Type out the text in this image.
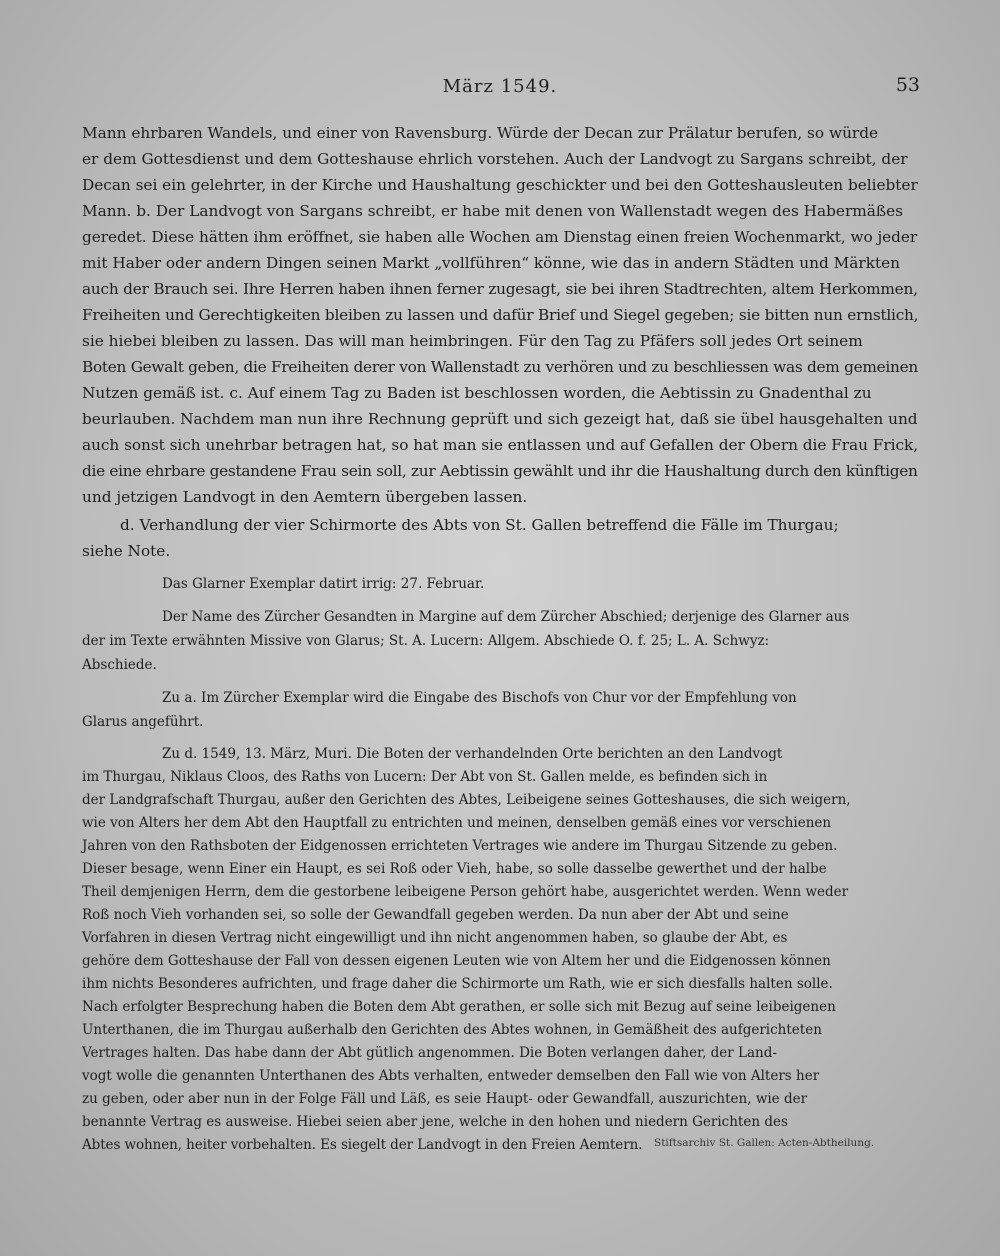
März 1549.	53
Mann ehrbaren Wandels, und einer von Ravensburg. Würde der Decan zur Prälatur berufen, so würde
er dem Gottesdienst und dem Gotteshause ehrlich vorstehen. Auch der Landvogt zu Sargans schreibt, der
Decan sei ein gelehrter, in der Kirche und Haushaltung geschickter und bei den Gotteshausleuten beliebter
Mann. b. Der Landvogt von Sargans schreibt, er habe mit denen von Wallenstadt wegen des Habermäßes
geredet. Diese hätten ihm eröffnet, sie haben alle Wochen am Dienstag einen freien Wochenmarkt, wo jeder
mit Haber oder andern Dingen seinen Markt „vollführen“ könne, wie das in andern Städten und Märkten
auch der Brauch sei. Ihre Herren haben ihnen ferner zugesagt, sie bei ihren Stadtrechten, altem Herkommen,
Freiheiten und Gerechtigkeiten bleiben zu lassen und dafür Brief und Siegel gegeben; sie bitten nun ernstlich,
sie hiebei bleiben zu lassen. Das will man heimbringen. Für den Tag zu Pfäfers soll jedes Ort seinem
Boten Gewalt geben, die Freiheiten derer von Wallenstadt zu verhören und zu beschliessen was dem gemeinen
Nutzen gemäß ist. c. Auf einem Tag zu Baden ist beschlossen worden, die Aebtissin zu Gnadenthal zu
beurlauben. Nachdem man nun ihre Rechnung geprüft und sich gezeigt hat, daß sie übel hausgehalten und
auch sonst sich unehrbar betragen hat, so hat man sie entlassen und auf Gefallen der Obern die Frau Frick,
die eine ehrbare gestandene Frau sein soll, zur Aebtissin gewählt und ihr die Haushaltung durch den künftigen
und jetzigen Landvogt in den Aemtern übergeben lassen.
d. Verhandlung der vier Schirmorte des Abts von St. Gallen betreffend die Fälle im Thurgau;
siehe Note.
Das Glarner Exemplar datirt irrig: 27. Februar.
Der Name des Zürcher Gesandten in Margine auf dem Zürcher Abschied; derjenige des Glarner aus
der im Texte erwähnten Missive von Glarus; St. A. Lucern: Allgem. Abschiede O. f. 25; L. A. Schwyz:
Abschiede.
Zu a. Im Zürcher Exemplar wird die Eingabe des Bischofs von Chur vor der Empfehlung von
Glarus angeführt.
Zu d. 1549, 13. März, Muri. Die Boten der verhandelnden Orte berichten an den Landvogt
im Thurgau, Niklaus Cloos, des Raths von Lucern: Der Abt von St. Gallen melde, es befinden sich in
der Landgrafschaft Thurgau, außer den Gerichten des Abtes, Leibeigene seines Gotteshauses, die sich weigern,
wie von Alters her dem Abt den Hauptfall zu entrichten und meinen, denselben gemäß eines vor verschienen
Jahren von den Rathsboten der Eidgenossen errichteten Vertrages wie andere im Thurgau Sitzende zu geben.
Dieser besage, wenn Einer ein Haupt, es sei Roß oder Vieh, habe, so solle dasselbe gewerthet und der halbe
Theil demjenigen Herrn, dem die gestorbene leibeigene Person gehört habe, ausgerichtet werden. Wenn weder
Roß noch Vieh vorhanden sei, so solle der Gewandfall gegeben werden. Da nun aber der Abt und seine
Vorfahren in diesen Vertrag nicht eingewilligt und ihn nicht angenommen haben, so glaube der Abt, es
gehöre dem Gotteshause der Fall von dessen eigenen Leuten wie von Altem her und die Eidgenossen können
ihm nichts Besonderes aufrichten, und frage daher die Schirmorte um Rath, wie er sich diesfalls halten solle.
Nach erfolgter Besprechung haben die Boten dem Abt gerathen, er solle sich mit Bezug auf seine leibeigenen
Unterthanen, die im Thurgau außerhalb den Gerichten des Abtes wohnen, in Gemäßheit des aufgerichteten
Vertrages halten. Das habe dann der Abt gütlich angenommen. Die Boten verlangen daher, der Land-
vogt wolle die genannten Unterthanen des Abts verhalten, entweder demselben den Fall wie von Alters her
zu geben, oder aber nun in der Folge Fäll und Läß, es seie Haupt- oder Gewandfall, auszurichten, wie der
benannte Vertrag es ausweise. Hiebei seien aber jene, welche in den hohen und niedern Gerichten des
Abtes wohnen, heiter vorbehalten. Es siegelt der Landvogt in den Freien Aemtern. Stiftsarchiv St. Gallen: Acten-Abtheilung.
